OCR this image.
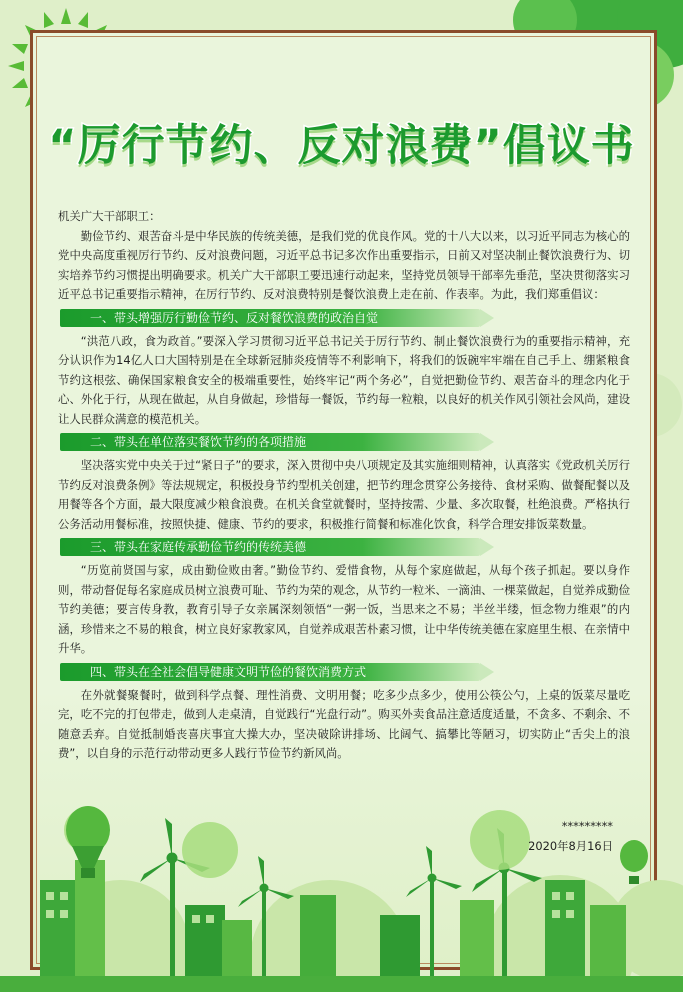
“厉行节约、反对浪费”倡议书

机关广大干部职工：

勤俭节约、艰苦奋斗是中华民族的传统美德，是我们党的优良作风。党的十八大以来，以习近平同志为核心的党中央高度重视厉行节约、反对浪费问题，习近平总书记多次作出重要指示，日前又对坚决制止餐饮浪费行为、切实培养节约习惯提出明确要求。机关广大干部职工要迅速行动起来，坚持党员领导干部率先垂范，坚决贯彻落实习近平总书记重要指示精神，在厉行节约、反对浪费特别是餐饮浪费上走在前、作表率。为此，我们郑重倡议：

一、带头增强厉行勤俭节约、反对餐饮浪费的政治自觉

“洪范八政，食为政首。”要深入学习贯彻习近平总书记关于厉行节约、制止餐饮浪费行为的重要指示精神，充分认识作为14亿人口大国特别是在全球新冠肺炎疫情等不利影响下，将我们的饭碗牢牢端在自己手上、绷紧粮食节约这根弦、确保国家粮食安全的极端重要性，始终牢记“两个务必”，自觉把勤俭节约、艰苦奋斗的理念内化于心、外化于行，从现在做起，从自身做起，珍惜每一餐饭，节约每一粒粮，以良好的机关作风引领社会风尚，建设让人民群众满意的模范机关。

二、带头在单位落实餐饮节约的各项措施

坚决落实党中央关于过“紧日子”的要求，深入贯彻中央八项规定及其实施细则精神，认真落实《党政机关厉行节约反对浪费条例》等法规规定，积极投身节约型机关创建，把节约理念贯穿公务接待、食材采购、做餐配餐以及用餐等各个方面，最大限度减少粮食浪费。在机关食堂就餐时，坚持按需、少量、多次取餐，杜绝浪费。严格执行公务活动用餐标准，按照快捷、健康、节约的要求，积极推行简餐和标准化饮食，科学合理安排饭菜数量。

三、带头在家庭传承勤俭节约的传统美德

“历览前贤国与家，成由勤俭败由奢。”勤俭节约、爱惜食物，从每个家庭做起，从每个孩子抓起。要以身作则，带动督促每名家庭成员树立浪费可耻、节约为荣的观念，从节约一粒米、一滴油、一棵菜做起，自觉养成勤俭节约美德；要言传身教，教育引导子女亲属深刻领悟“一粥一饭，当思来之不易；半丝半缕，恒念物力维艰”的内涵，珍惜来之不易的粮食，树立良好家教家风，自觉养成艰苦朴素习惯，让中华传统美德在家庭里生根、在亲情中升华。

四、带头在全社会倡导健康文明节俭的餐饮消费方式

在外就餐聚餐时，做到科学点餐、理性消费、文明用餐；吃多少点多少，使用公筷公勺，上桌的饭菜尽量吃完，吃不完的打包带走，做到人走桌清，自觉践行“光盘行动”。购买外卖食品注意适度适量，不贪多、不剩余、不随意丢弃。自觉抵制婚丧喜庆事宜大操大办，坚决破除讲排场、比阔气、搞攀比等陋习，切实防止“舌尖上的浪费”，以自身的示范行动带动更多人践行节俭节约新风尚。

*********
2020年8月16日
